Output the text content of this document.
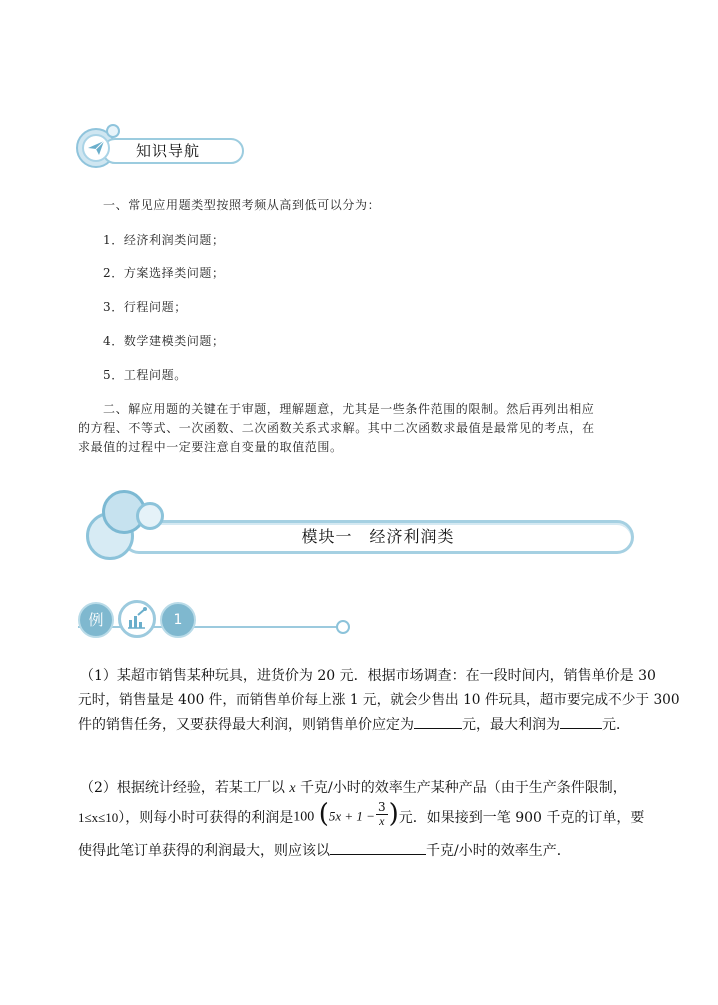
知识导航
一、常见应用题类型按照考频从高到低可以分为：
1．经济利润类问题；
2．方案选择类问题；
3．行程问题；
4．数学建模类问题；
5．工程问题。
二、解应用题的关键在于审题，理解题意，尤其是一些条件范围的限制。然后再列出相应
的方程、不等式、一次函数、二次函数关系式求解。其中二次函数求最值是最常见的考点，在
求最值的过程中一定要注意自变量的取值范围。
模块一　经济利润类
例	1
（1）某超市销售某种玩具，进货价为 20 元．根据市场调查：在一段时间内，销售单价是 30
元时，销售量是 400 件，而销售单价每上涨 1 元，就会少售出 10 件玩具，超市要完成不少于 300
件的销售任务，又要获得最大利润，则销售单价应定为	元，最大利润为	元．
（2）根据统计经验，若某工厂以 x 千克/小时的效率生产某种产品（由于生产条件限制，
1≤x≤10），则每小时可获得的利润是100 ($5x + 1 - \frac{3}{x}$ )元．如果接到一笔 900 千克的订单，要
使得此笔订单获得的利润最大，则应该以	千克/小时的效率生产．
